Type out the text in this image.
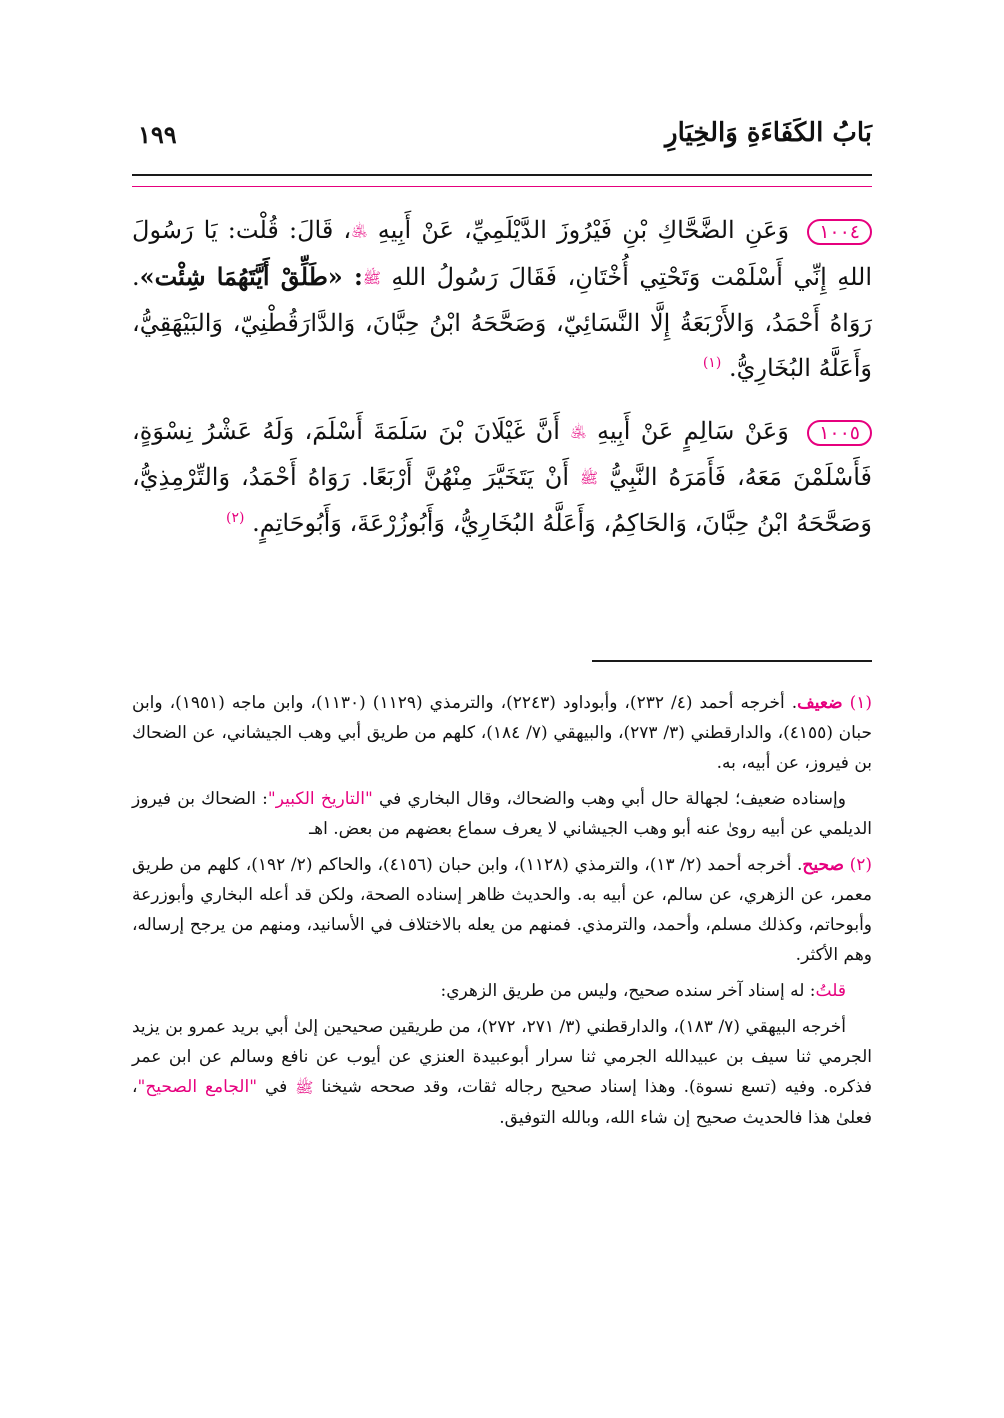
بَابُ الكَفَاءَةِ وَالخِيَارِ
١٩٩

١٠٠٤ وَعَنِ الضَّحَّاكِ بْنِ فَيْرُوزَ الدَّيْلَمِيِّ، عَنْ أَبِيهِ ﵁، قَالَ: قُلْت: يَا رَسُولَ اللهِ إِنِّي أَسْلَمْت وَتَحْتِي أُخْتَانِ، فَقَالَ رَسُولُ اللهِ ﷺ: «طَلِّقْ أَيَّتَهُمَا شِئْت». رَوَاهُ أَحْمَدُ، وَالأَرْبَعَةُ إِلَّا النَّسَائِيّ، وَصَحَّحَهُ ابْنُ حِبَّانَ، وَالدَّارَقُطْنِيّ، وَالبَيْهَقِيُّ، وَأَعَلَّهُ البُخَارِيُّ. $^{(١)}$

١٠٠٥ وَعَنْ سَالِمٍ عَنْ أَبِيهِ ﵁ أَنَّ غَيْلَانَ بْنَ سَلَمَةَ أَسْلَمَ، وَلَهُ عَشْرُ نِسْوَةٍ، فَأَسْلَمْنَ مَعَهُ، فَأَمَرَهُ النَّبِيُّ ﷺ أَنْ يَتَخَيَّرَ مِنْهُنَّ أَرْبَعًا. رَوَاهُ أَحْمَدُ، وَالتِّرْمِذِيُّ، وَصَحَّحَهُ ابْنُ حِبَّانَ، وَالحَاكِمُ، وَأَعَلَّهُ البُخَارِيُّ، وَأَبُوزُرْعَةَ، وَأَبُوحَاتِمٍ. $^{(٢)}$

(١) ضعيف. أخرجه أحمد (٤/ ٢٣٢)، وأبوداود (٢٢٤٣)، والترمذي (١١٢٩) (١١٣٠)، وابن ماجه (١٩٥١)، وابن حبان (٤١٥٥)، والدارقطني (٣/ ٢٧٣)، والبيهقي (٧/ ١٨٤)، كلهم من طريق أبي وهب الجيشاني، عن الضحاك بن فيروز، عن أبيه، به.

وإسناده ضعيف؛ لجهالة حال أبي وهب والضحاك، وقال البخاري في "التاريخ الكبير": الضحاك بن فيروز الديلمي عن أبيه روىٰ عنه أبو وهب الجيشاني لا يعرف سماع بعضهم من بعض. اهـ

(٢) صحيح. أخرجه أحمد (٢/ ١٣)، والترمذي (١١٢٨)، وابن حبان (٤١٥٦)، والحاكم (٢/ ١٩٢)، كلهم من طريق معمر، عن الزهري، عن سالم، عن أبيه به. والحديث ظاهر إسناده الصحة، ولكن قد أعله البخاري وأبوزرعة وأبوحاتم، وكذلك مسلم، وأحمد، والترمذي. فمنهم من يعله بالاختلاف في الأسانيد، ومنهم من يرجح إرساله، وهم الأكثر.

قلتُ: له إسناد آخر سنده صحيح، وليس من طريق الزهري:

أخرجه البيهقي (٧/ ١٨٣)، والدارقطني (٣/ ٢٧١، ٢٧٢)، من طريقين صحيحين إلىٰ أبي بريد عمرو بن يزيد الجرمي ثنا سيف بن عبيدالله الجرمي ثنا سرار أبوعبيدة العنزي عن أيوب عن نافع وسالم عن ابن عمر فذكره. وفيه (تسع نسوة). وهذا إسناد صحيح رجاله ثقات، وقد صححه شيخنا ﷺ في "الجامع الصحيح"، فعلىٰ هذا فالحديث صحيح إن شاء الله، وبالله التوفيق.
